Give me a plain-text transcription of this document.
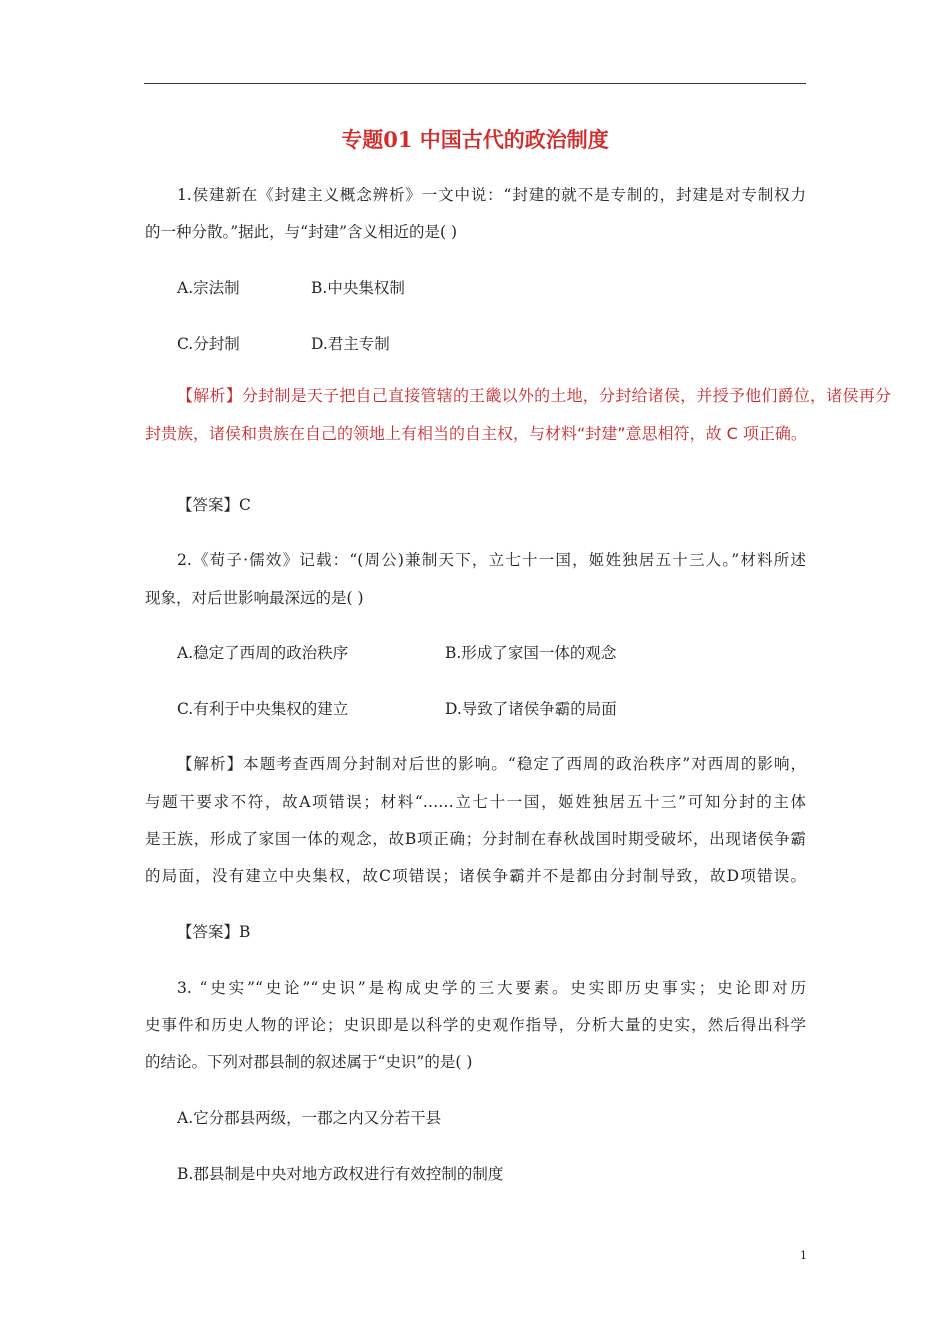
专题01 中国古代的政治制度
1.侯建新在《封建主义概念辨析》一文中说：“封建的就不是专制的，封建是对专制权力
的一种分散。”据此，与“封建”含义相近的是( )
A.宗法制	B.中央集权制
C.分封制	D.君主专制
【解析】分封制是天子把自己直接管辖的王畿以外的土地，分封给诸侯，并授予他们爵位，诸侯再分
封贵族，诸侯和贵族在自己的领地上有相当的自主权，与材料“封建”意思相符，故 C 项正确。
【答案】C
2.《荀子·儒效》记载：“(周公)兼制天下，立七十一国，姬姓独居五十三人。”材料所述
现象，对后世影响最深远的是( )
A.稳定了西周的政治秩序	B.形成了家国一体的观念
C.有利于中央集权的建立	D.导致了诸侯争霸的局面
【解析】本题考查西周分封制对后世的影响。“稳定了西周的政治秩序”对西周的影响，
与题干要求不符，故A项错误；材料“……立七十一国，姬姓独居五十三”可知分封的主体
是王族，形成了家国一体的观念，故B项正确；分封制在春秋战国时期受破坏，出现诸侯争霸
的局面，没有建立中央集权，故C项错误；诸侯争霸并不是都由分封制导致，故D项错误。
【答案】B
3. “史实”“史论”“史识”是构成史学的三大要素。史实即历史事实；史论即对历
史事件和历史人物的评论；史识即是以科学的史观作指导，分析大量的史实，然后得出科学
的结论。下列对郡县制的叙述属于“史识”的是( )
A.它分郡县两级，一郡之内又分若干县
B.郡县制是中央对地方政权进行有效控制的制度
1
